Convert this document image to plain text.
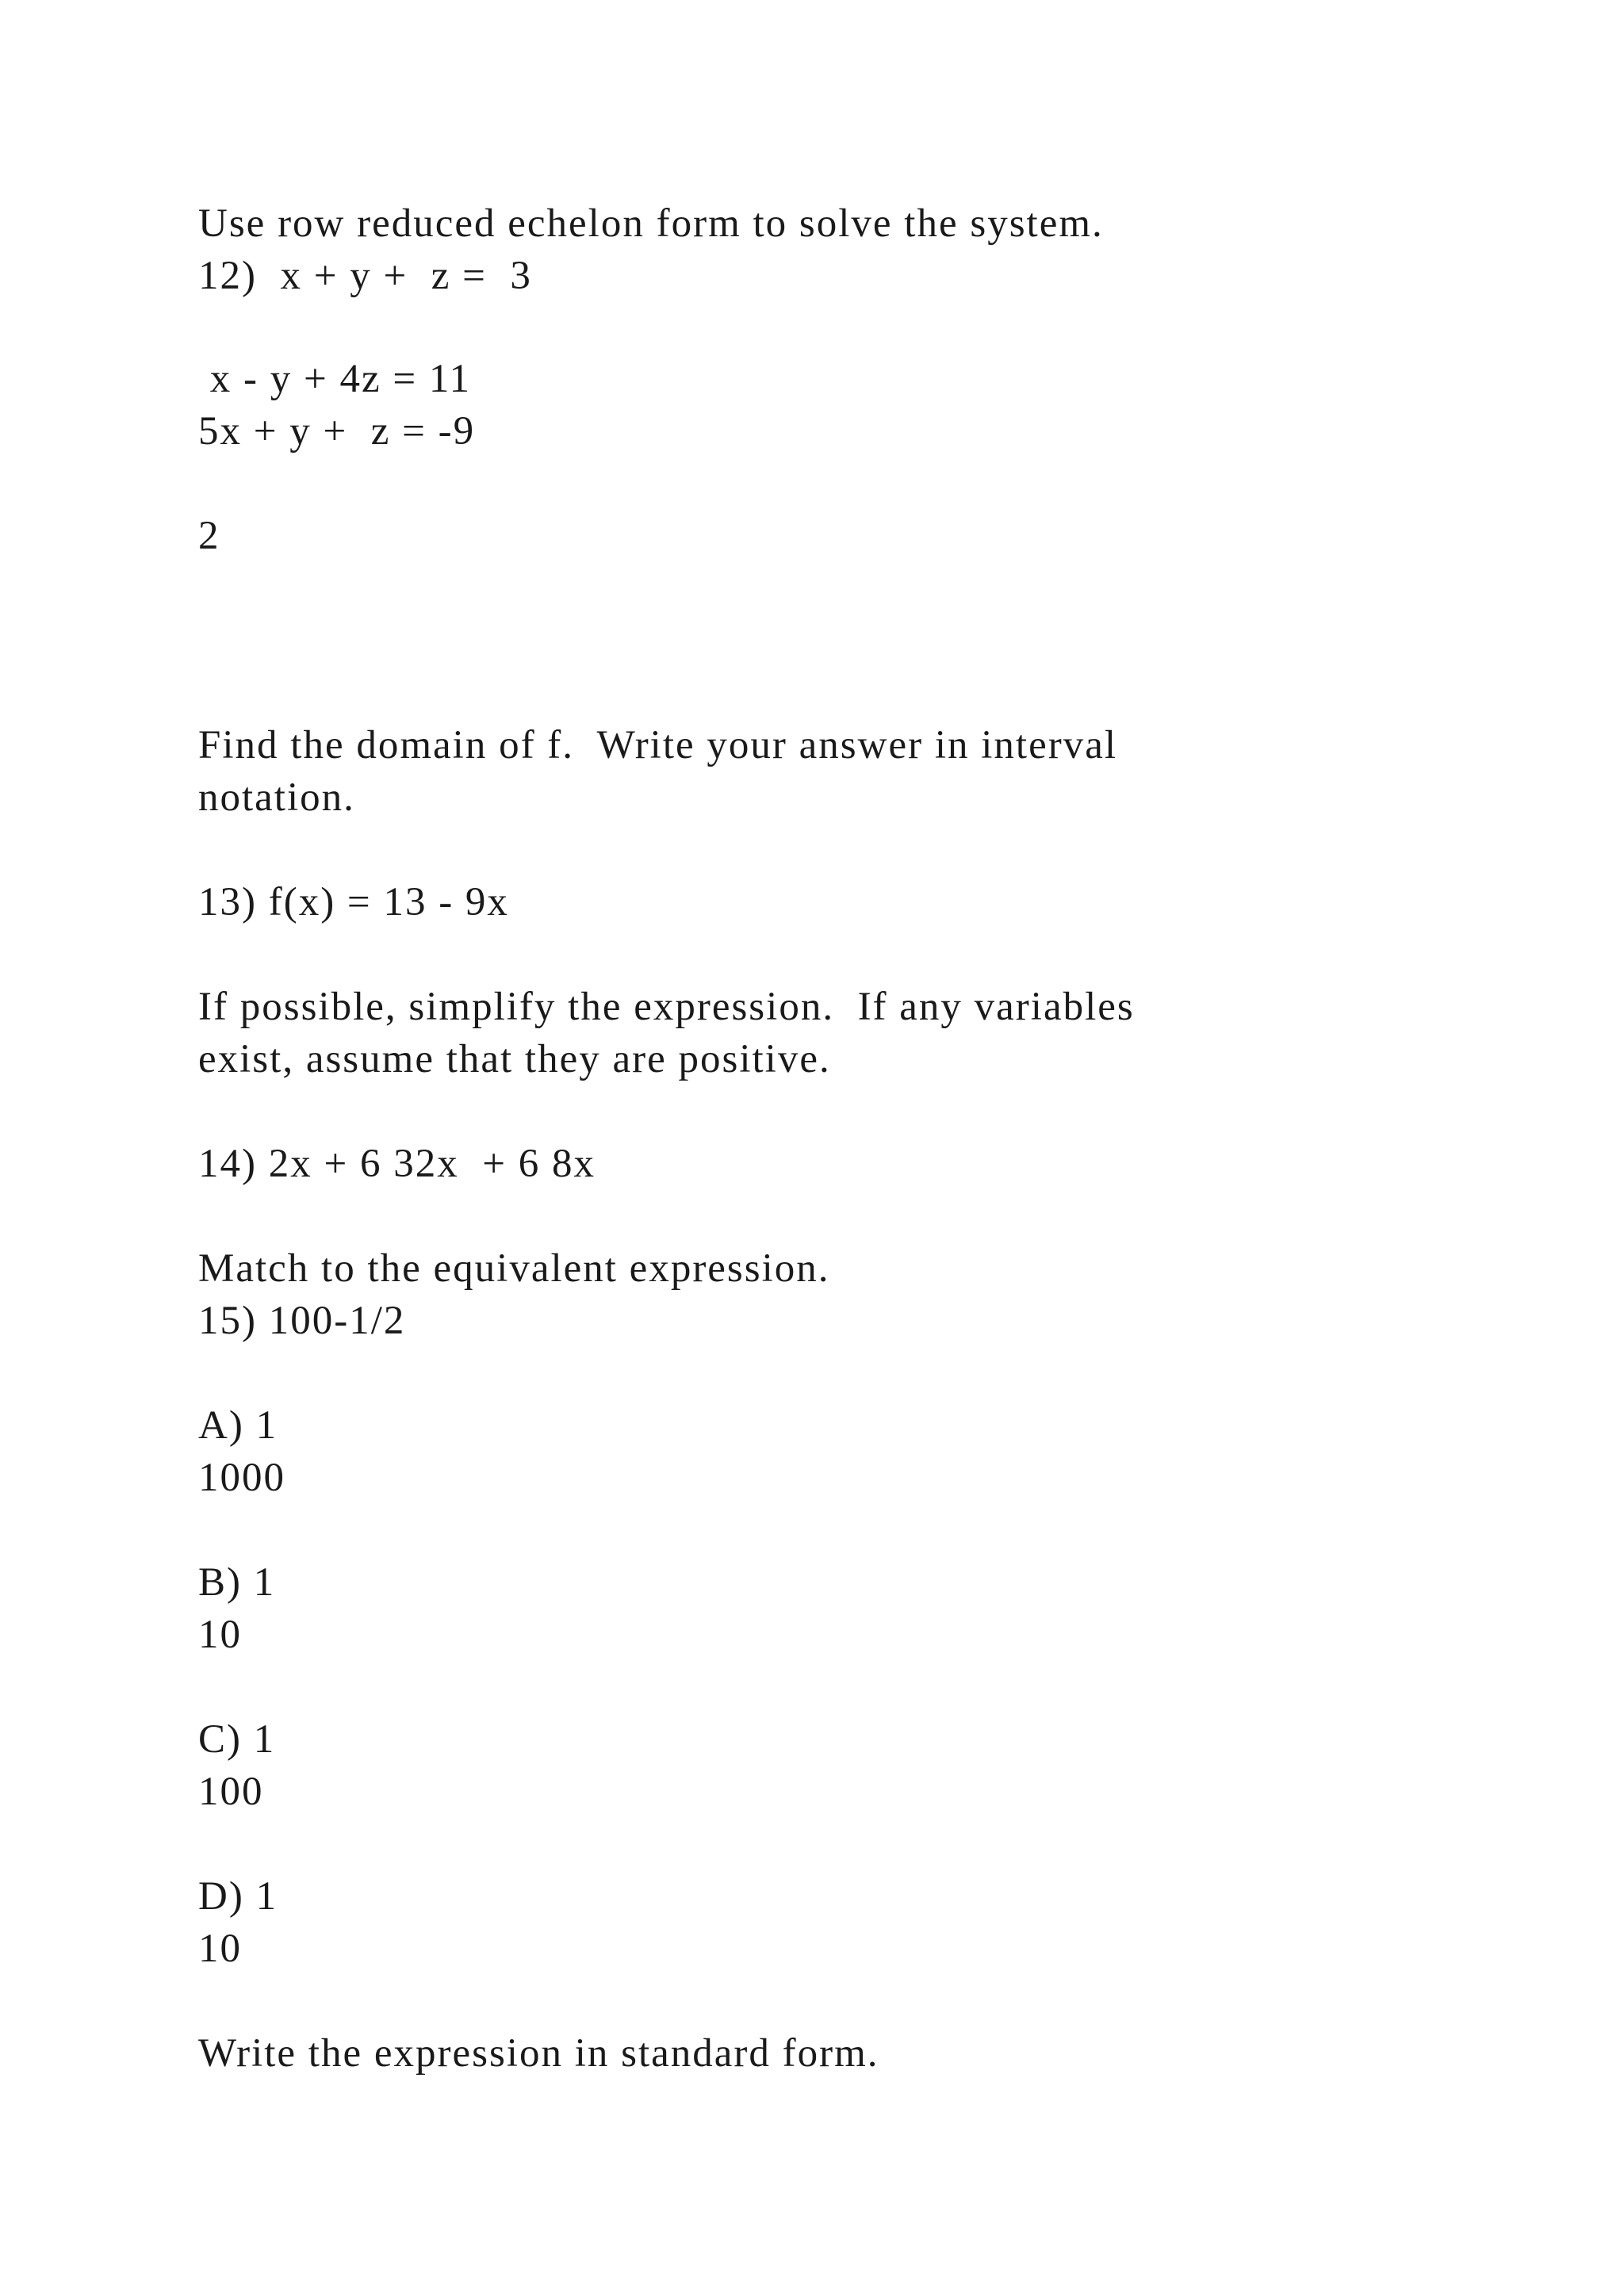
Use row reduced echelon form to solve the system.
12)  x + y +  z =  3
x - y + 4z = 11
5x + y +  z = -9
2
Find the domain of f.  Write your answer in interval
notation.
13) f(x) = 13 - 9x
If possible, simplify the expression.  If any variables
exist, assume that they are positive.
14) 2x + 6 32x  + 6 8x
Match to the equivalent expression.
15) 100-1/2
A) 1
1000
B) 1
10
C) 1
100
D) 1
10
Write the expression in standard form.
